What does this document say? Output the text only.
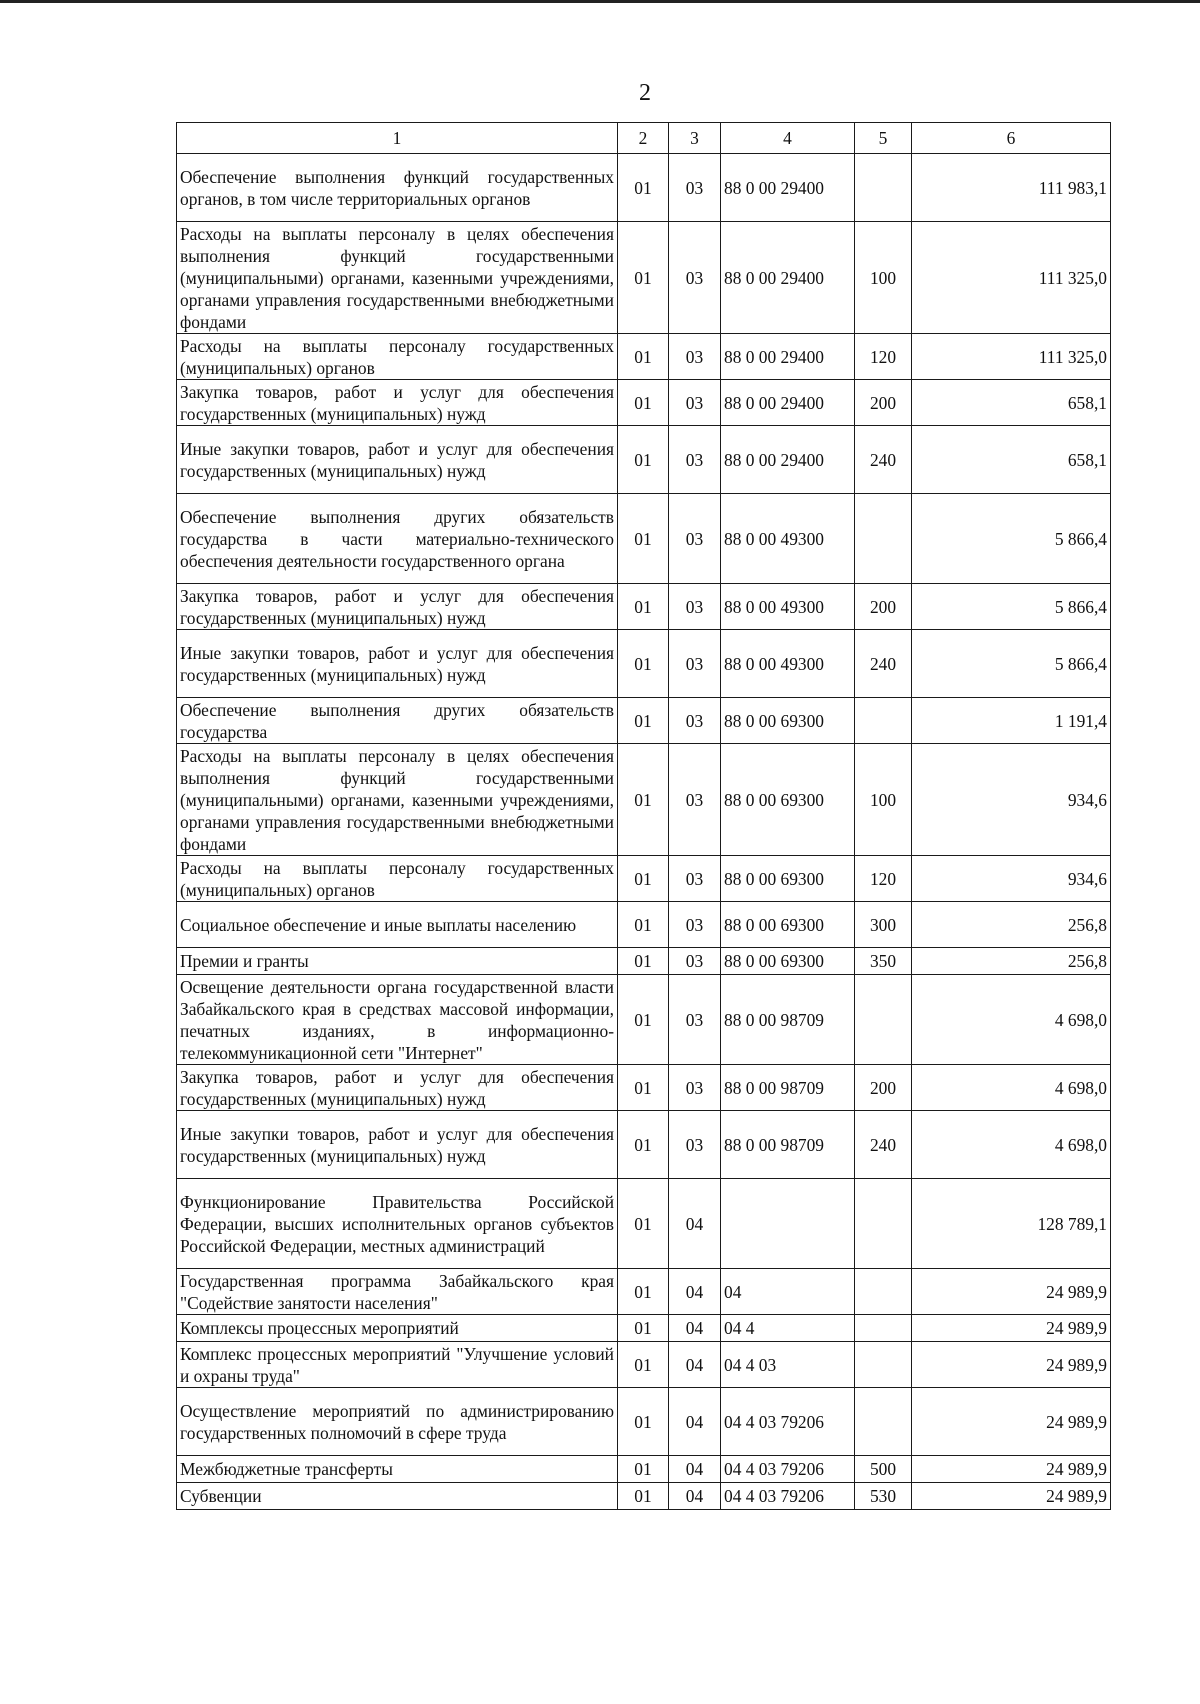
2
1	2	3	4	5	6
Обеспечение выполнения функций государственных органов, в том числе территориальных органов	01	03	88 0 00 29400		111 983,1
Расходы на выплаты персоналу в целях обеспечения выполнения функций государственными (муниципальными) органами, казенными учреждениями, органами управления государственными внебюджетными фондами	01	03	88 0 00 29400	100	111 325,0
Расходы на выплаты персоналу государственных (муниципальных) органов	01	03	88 0 00 29400	120	111 325,0
Закупка товаров, работ и услуг для обеспечения государственных (муниципальных) нужд	01	03	88 0 00 29400	200	658,1
Иные закупки товаров, работ и услуг для обеспечения государственных (муниципальных) нужд	01	03	88 0 00 29400	240	658,1
Обеспечение выполнения других обязательств государства в части материально-технического обеспечения деятельности государственного органа	01	03	88 0 00 49300		5 866,4
Закупка товаров, работ и услуг для обеспечения государственных (муниципальных) нужд	01	03	88 0 00 49300	200	5 866,4
Иные закупки товаров, работ и услуг для обеспечения государственных (муниципальных) нужд	01	03	88 0 00 49300	240	5 866,4
Обеспечение выполнения других обязательств государства	01	03	88 0 00 69300		1 191,4
Расходы на выплаты персоналу в целях обеспечения выполнения функций государственными (муниципальными) органами, казенными учреждениями, органами управления государственными внебюджетными фондами	01	03	88 0 00 69300	100	934,6
Расходы на выплаты персоналу государственных (муниципальных) органов	01	03	88 0 00 69300	120	934,6
Социальное обеспечение и иные выплаты населению	01	03	88 0 00 69300	300	256,8
Премии и гранты	01	03	88 0 00 69300	350	256,8
Освещение деятельности органа государственной власти Забайкальского края в средствах массовой информации, печатных изданиях, в информационно-телекоммуникационной сети "Интернет"	01	03	88 0 00 98709		4 698,0
Закупка товаров, работ и услуг для обеспечения государственных (муниципальных) нужд	01	03	88 0 00 98709	200	4 698,0
Иные закупки товаров, работ и услуг для обеспечения государственных (муниципальных) нужд	01	03	88 0 00 98709	240	4 698,0
Функционирование Правительства Российской Федерации, высших исполнительных органов субъектов Российской Федерации, местных администраций	01	04			128 789,1
Государственная программа Забайкальского края "Содействие занятости населения"	01	04	04		24 989,9
Комплексы процессных мероприятий	01	04	04 4		24 989,9
Комплекс процессных мероприятий "Улучшение условий и охраны труда"	01	04	04 4 03		24 989,9
Осуществление мероприятий по администрированию государственных полномочий в сфере труда	01	04	04 4 03 79206		24 989,9
Межбюджетные трансферты	01	04	04 4 03 79206	500	24 989,9
Субвенции	01	04	04 4 03 79206	530	24 989,9
